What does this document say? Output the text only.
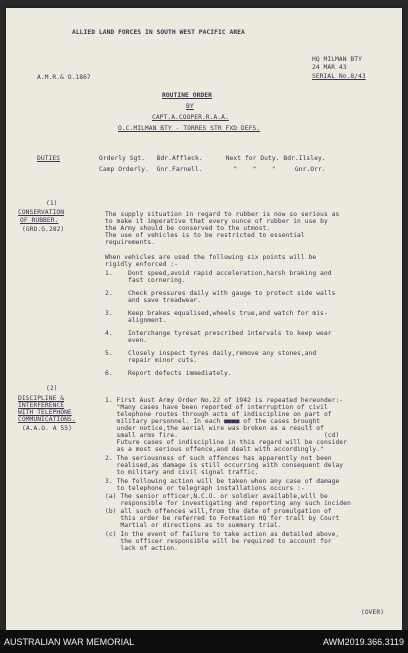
ALLIED LAND FORCES IN SOUTH WEST PACIFIC AREA
HQ MILMAN BTY
24 MAR 43
SERIAL No.8/43
A.M.R.& O.1867
ROUTINE ORDER
BY
CAPT.A.COOPER.R.A.A.
O.C.MILMAN BTY - TORRES STR FXD DEFS.
DUTIES	Orderly Sgt.   Bdr.Affleck.      Next for Duty. Bdr.Ilsley.
Camp Orderly.  Gnr.Farnell.        "    "    "     Gnr.Orr.
(1)
CONSERVATION
OF RUBBER.
(GRO.G.282)
The supply situation in regard to rubber is now so serious as
to make it imperative that every ounce of rubber in use by
the Army should be conserved to the utmost.
The use of vehicles is to be restricted to essential
requirements.
When vehicles are used the following six points will be
rigidly enforced :-
1. Dont speed,avoid rapid acceleration,harsh braking and
fast cornering.
2. Check pressures daily with gauge to protect side walls
and save treadwear.
3. Keep brakes equalised,wheels true,and watch for mis-
alignment.
4. Interchange tyresat prescribed intervals to keep wear
even.
5. Closely inspect tyres daily,remove any stones,and
repair minor cuts.
6. Report defects immediately.
(2)
DISCIPLINE &
INTERFERENCE
WITH TELEPHONE
COMMUNICATIONS.
(A.A.O. A 55)
1. First Aust Army Order No.22 of 1942 is repeated hereunder:-
"Many cases have been reported of interruption of civil
telephone routes through acts of indiscipline on part of
military personnel. In each ■■■■ of the cases brought
under notice,the aerial wire was broken as a result of
small arms fire.                                      (cd)
Future cases of indiscipline in this regard will be consider
as a most serious offence,and dealt with accordingly."
2. The seriousness of such offences has apparently not been
realised,as damage is still occurring with consequent delay
to military and civil signal traffic.
3. The following action will be taken when any case of damage
to telephone or telegraph installations occurs :-
(a) The senior officer,N.C.O. or soldier available,will be
responsible for investigating and reporting any such inciden
(b) all such offences will,from the date of promulgation of
this order be referred to Formation HQ for trail by Court
Martial or directions as to summary trial.
(c) In the event of failure to take action as detailed above,
the officer responsible will be required to account for
lack of action.
(OVER)
AUSTRALIAN WAR MEMORIAL	AWM2019.366.3119
